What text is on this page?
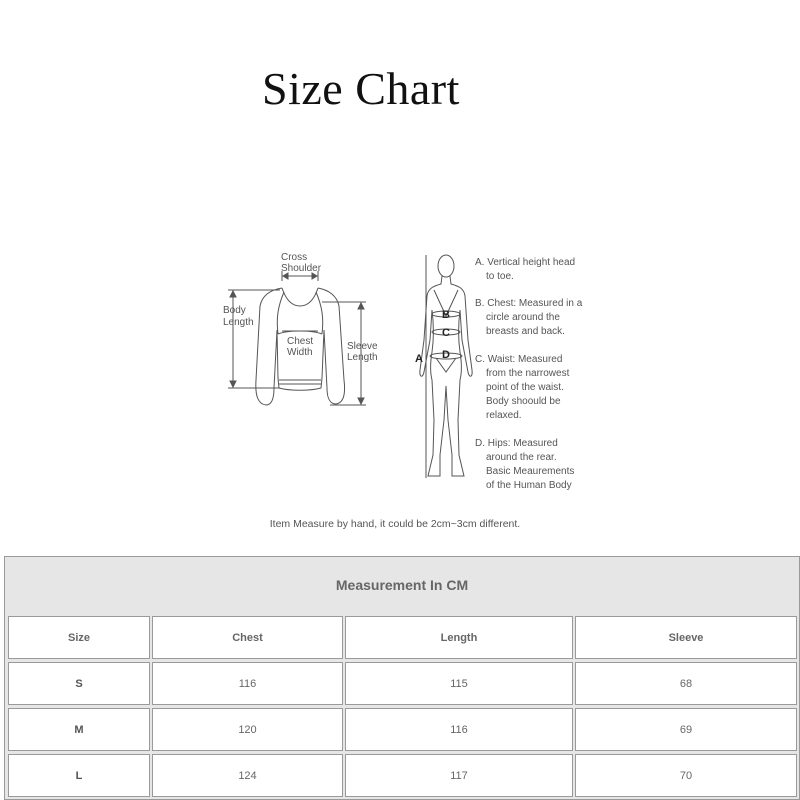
Size Chart
Cross
Shoulder
Body
Length
Chest
Width
Sleeve
Length	A
B
C
D
A. Vertical height head
to toe.
B. Chest: Measured in a
circle around the
breasts and back.
C. Waist: Measured
from the narrowest
point of the waist.
Body shoould be
relaxed.
D. Hips: Measured
around the rear.
Basic Meaurements
of the Human Body
Item Measure by hand, it could be 2cm~3cm different.
Measurement In CM
Size	Chest	Length	Sleeve
S	116	115	68
M	120	116	69
L	124	117	70
